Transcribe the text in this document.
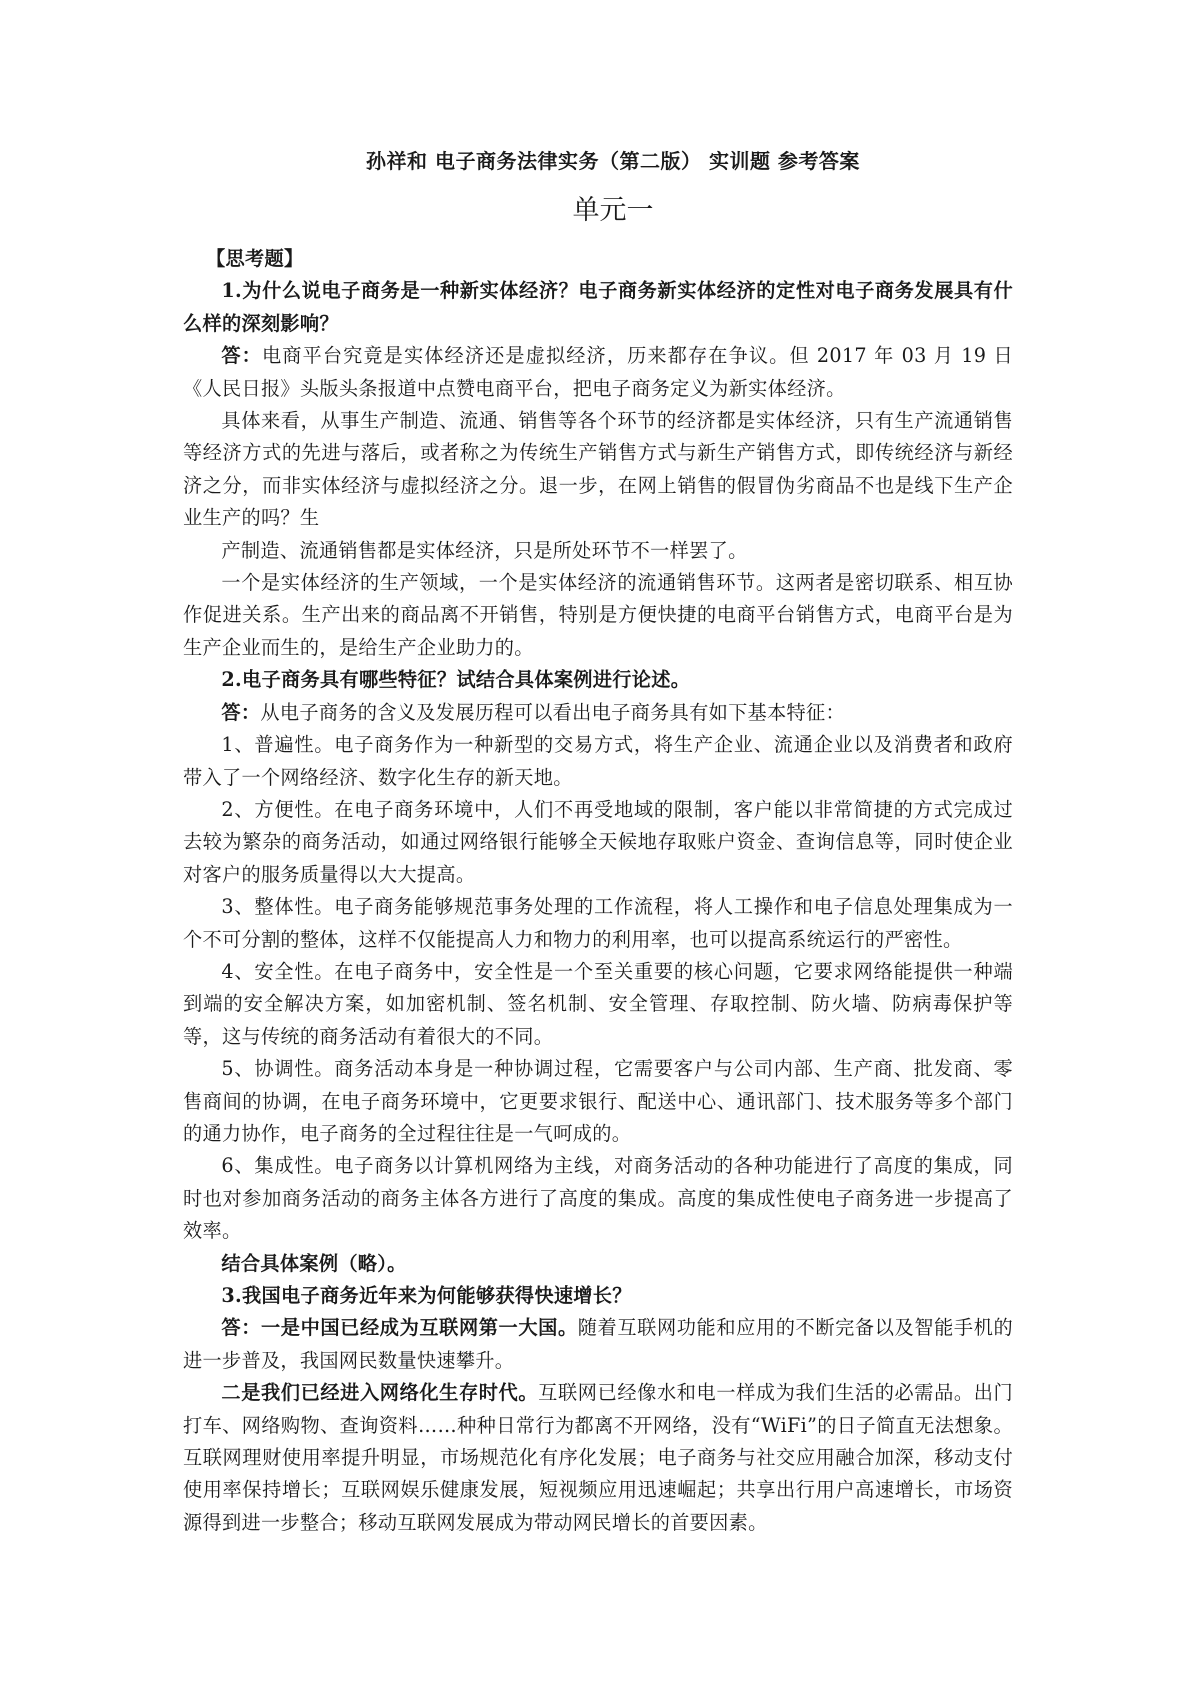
孙祥和 电子商务法律实务（第二版） 实训题 参考答案
单元一

【思考题】

1.为什么说电子商务是一种新实体经济？电子商务新实体经济的定性对电子商务发展具有什么样的深刻影响？

答：电商平台究竟是实体经济还是虚拟经济，历来都存在争议。但 2017 年 03 月 19 日《人民日报》头版头条报道中点赞电商平台，把电子商务定义为新实体经济。

具体来看，从事生产制造、流通、销售等各个环节的经济都是实体经济，只有生产流通销售等经济方式的先进与落后，或者称之为传统生产销售方式与新生产销售方式，即传统经济与新经济之分，而非实体经济与虚拟经济之分。退一步，在网上销售的假冒伪劣商品不也是线下生产企业生产的吗？生

产制造、流通销售都是实体经济，只是所处环节不一样罢了。

一个是实体经济的生产领域，一个是实体经济的流通销售环节。这两者是密切联系、相互协作促进关系。生产出来的商品离不开销售，特别是方便快捷的电商平台销售方式，电商平台是为生产企业而生的，是给生产企业助力的。

2.电子商务具有哪些特征？试结合具体案例进行论述。

答：从电子商务的含义及发展历程可以看出电子商务具有如下基本特征：

1、普遍性。电子商务作为一种新型的交易方式，将生产企业、流通企业以及消费者和政府带入了一个网络经济、数字化生存的新天地。

2、方便性。在电子商务环境中，人们不再受地域的限制，客户能以非常简捷的方式完成过去较为繁杂的商务活动，如通过网络银行能够全天候地存取账户资金、查询信息等，同时使企业对客户的服务质量得以大大提高。

3、整体性。电子商务能够规范事务处理的工作流程，将人工操作和电子信息处理集成为一个不可分割的整体，这样不仅能提高人力和物力的利用率，也可以提高系统运行的严密性。

4、安全性。在电子商务中，安全性是一个至关重要的核心问题，它要求网络能提供一种端到端的安全解决方案，如加密机制、签名机制、安全管理、存取控制、防火墙、防病毒保护等等，这与传统的商务活动有着很大的不同。

5、协调性。商务活动本身是一种协调过程，它需要客户与公司内部、生产商、批发商、零售商间的协调，在电子商务环境中，它更要求银行、配送中心、通讯部门、技术服务等多个部门的通力协作，电子商务的全过程往往是一气呵成的。

6、集成性。电子商务以计算机网络为主线，对商务活动的各种功能进行了高度的集成，同时也对参加商务活动的商务主体各方进行了高度的集成。高度的集成性使电子商务进一步提高了效率。

结合具体案例（略）。

3.我国电子商务近年来为何能够获得快速增长？

答：一是中国已经成为互联网第一大国。随着互联网功能和应用的不断完备以及智能手机的进一步普及，我国网民数量快速攀升。

二是我们已经进入网络化生存时代。互联网已经像水和电一样成为我们生活的必需品。出门打车、网络购物、查询资料……种种日常行为都离不开网络，没有“WiFi”的日子简直无法想象。互联网理财使用率提升明显，市场规范化有序化发展；电子商务与社交应用融合加深，移动支付使用率保持增长；互联网娱乐健康发展，短视频应用迅速崛起；共享出行用户高速增长，市场资源得到进一步整合；移动互联网发展成为带动网民增长的首要因素。
